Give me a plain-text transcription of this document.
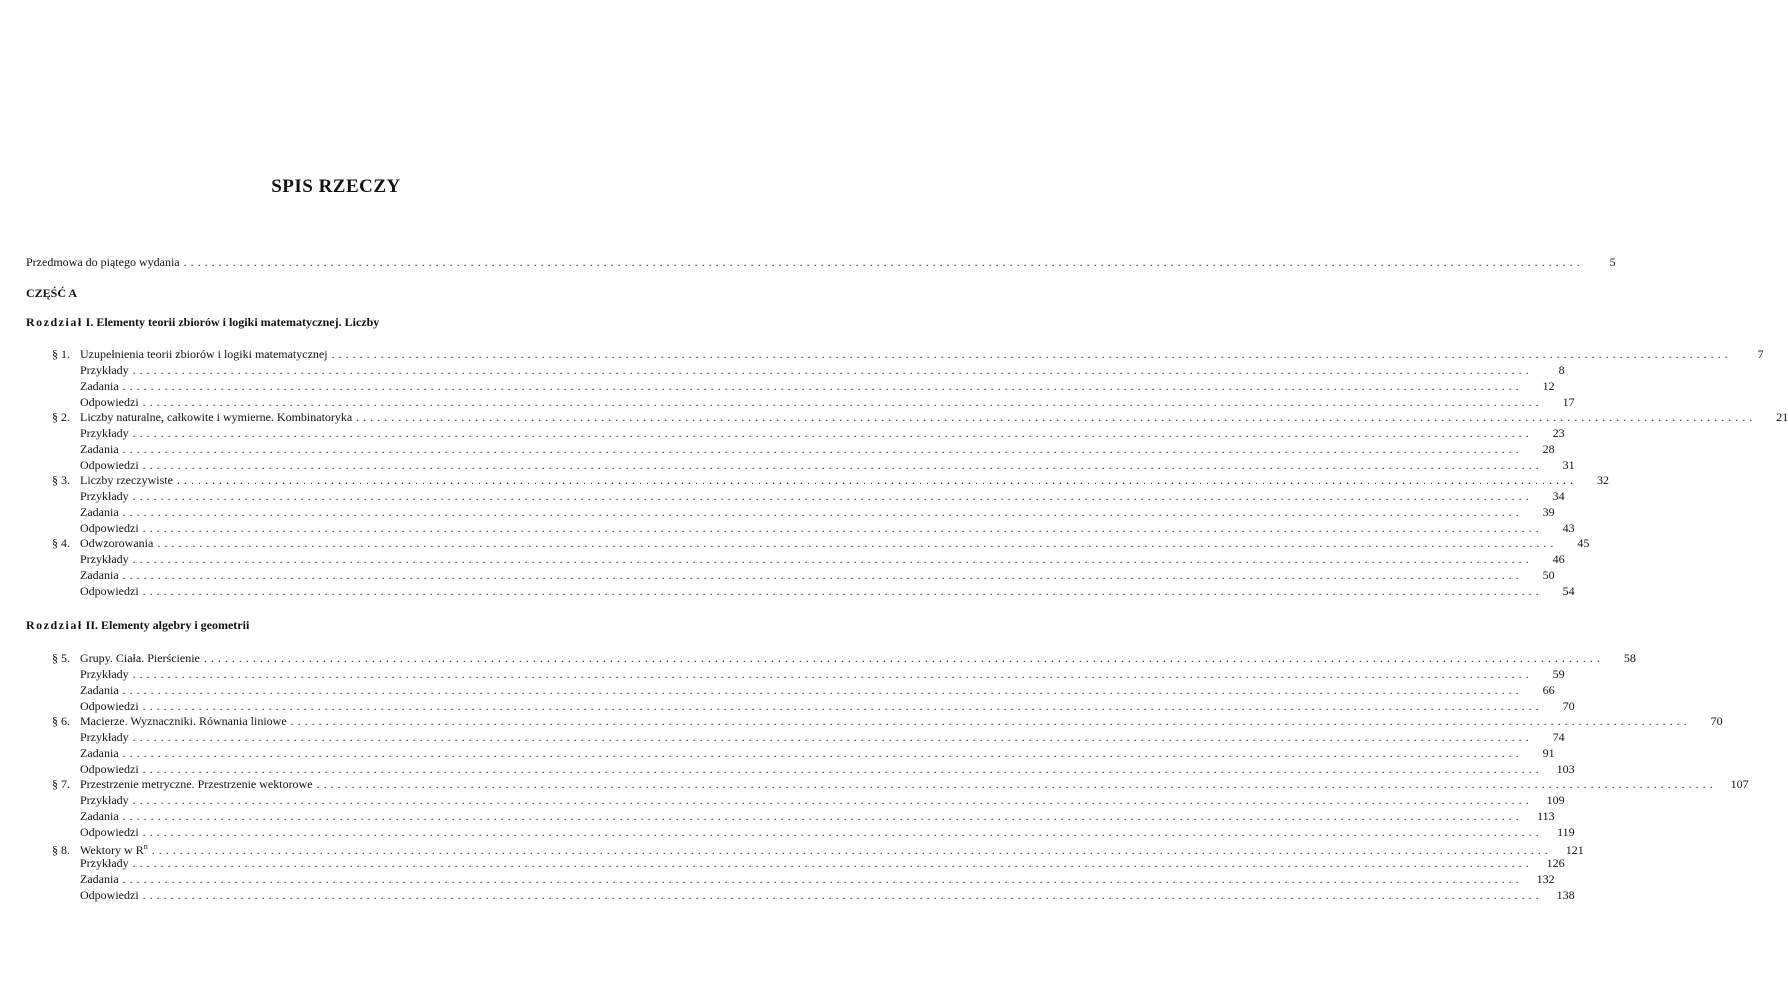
SPIS RZECZY
Przedmowa do piątego wydania ........................................................................................................................................................................................................	5
CZĘŚĆ A
Rozdział I. Elementy teorii zbiorów i logiki matematycznej. Liczby
§ 1. Uzupełnienia teorii zbiorów i logiki matematycznej ........................................................................................................................................................................................................	7
Przykłady ........................................................................................................................................................................................................	8
Zadania ........................................................................................................................................................................................................	12
Odpowiedzi ........................................................................................................................................................................................................	17
§ 2. Liczby naturalne, całkowite i wymierne. Kombinatoryka ........................................................................................................................................................................................................	21
Przykłady ........................................................................................................................................................................................................	23
Zadania ........................................................................................................................................................................................................	28
Odpowiedzi ........................................................................................................................................................................................................	31
§ 3. Liczby rzeczywiste ........................................................................................................................................................................................................	32
Przykłady ........................................................................................................................................................................................................	34
Zadania ........................................................................................................................................................................................................	39
Odpowiedzi ........................................................................................................................................................................................................	43
§ 4. Odwzorowania ........................................................................................................................................................................................................	45
Przykłady ........................................................................................................................................................................................................	46
Zadania ........................................................................................................................................................................................................	50
Odpowiedzi ........................................................................................................................................................................................................	54
Rozdział II. Elementy algebry i geometrii
§ 5. Grupy. Ciała. Pierścienie ........................................................................................................................................................................................................	58
Przykłady ........................................................................................................................................................................................................	59
Zadania ........................................................................................................................................................................................................	66
Odpowiedzi ........................................................................................................................................................................................................	70
§ 6. Macierze. Wyznaczniki. Równania liniowe ........................................................................................................................................................................................................	70
Przykłady ........................................................................................................................................................................................................	74
Zadania ........................................................................................................................................................................................................	91
Odpowiedzi ........................................................................................................................................................................................................	103
§ 7. Przestrzenie metryczne. Przestrzenie wektorowe ........................................................................................................................................................................................................	107
Przykłady ........................................................................................................................................................................................................	109
Zadania ........................................................................................................................................................................................................	113
Odpowiedzi ........................................................................................................................................................................................................	119
§ 8. Wektory w $R^n$ ........................................................................................................................................................................................................	121
Przykłady ........................................................................................................................................................................................................	126
Zadania ........................................................................................................................................................................................................	132
Odpowiedzi ........................................................................................................................................................................................................	138
